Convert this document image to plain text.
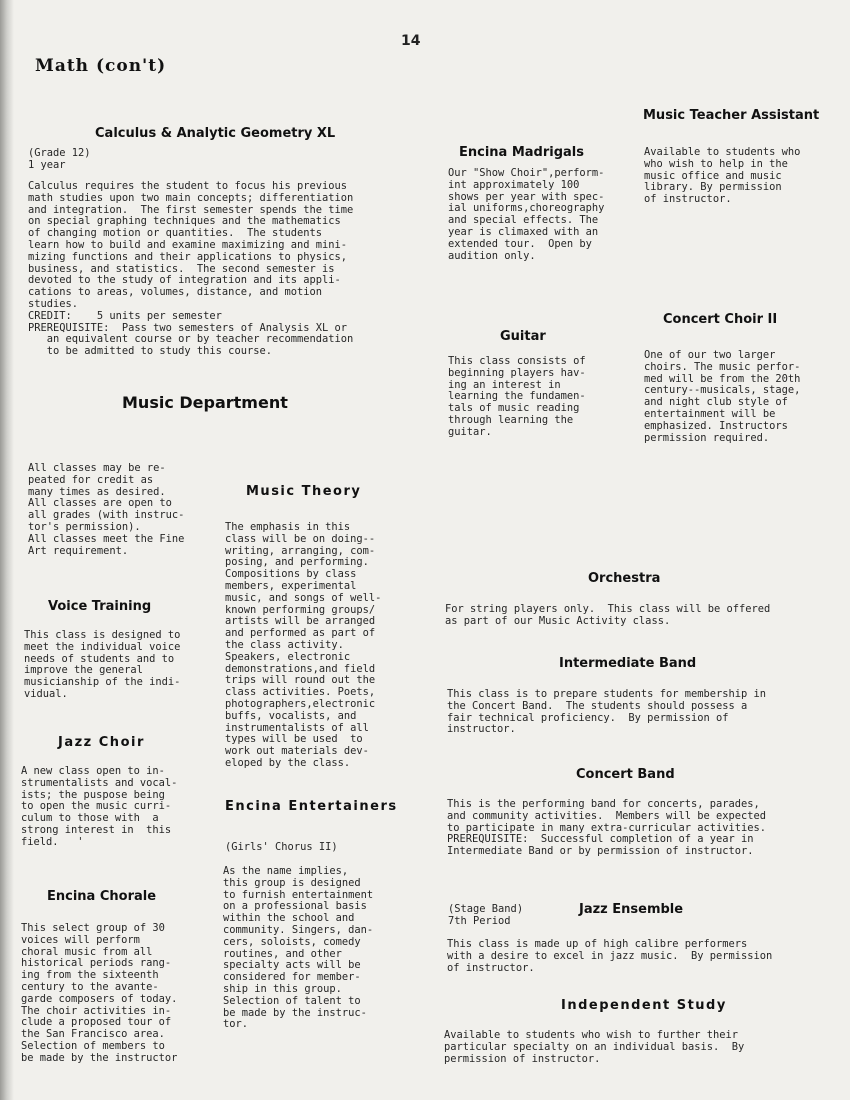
14
Math (con't)
Calculus & Analytic Geometry XL
(Grade 12)
1 year
Calculus requires the student to focus his previous
math studies upon two main concepts; differentiation
and integration.  The first semester spends the time
on special graphing techniques and the mathematics
of changing motion or quantities.  The students
learn how to build and examine maximizing and mini-
mizing functions and their applications to physics,
business, and statistics.  The second semester is
devoted to the study of integration and its appli-
cations to areas, volumes, distance, and motion
studies.
CREDIT:    5 units per semester
PREREQUISITE:  Pass two semesters of Analysis XL or
an equivalent course or by teacher recommendation
to be admitted to study this course.
Music Department
All classes may be re-
peated for credit as
many times as desired.
All classes are open to
all grades (with instruc-
tor's permission).
All classes meet the Fine
Art requirement.
Voice Training
This class is designed to
meet the individual voice
needs of students and to
improve the general
musicianship of the indi-
vidual.
Jazz Choir
A new class open to in-
strumentalists and vocal-
ists; the puspose being
to open the music curri-
culum to those with  a
strong interest in  this
field.   '
Encina Chorale
This select group of 30
voices will perform
choral music from all
historical periods rang-
ing from the sixteenth
century to the avante-
garde composers of today.
The choir activities in-
clude a proposed tour of
the San Francisco area.
Selection of members to
be made by the instructor
Music Theory
The emphasis in this
class will be on doing--
writing, arranging, com-
posing, and performing.
Compositions by class
members, experimental
music, and songs of well-
known performing groups/
artists will be arranged
and performed as part of
the class activity.
Speakers, electronic
demonstrations,and field
trips will round out the
class activities. Poets,
photographers,electronic
buffs, vocalists, and
instrumentalists of all
types will be used  to
work out materials dev-
eloped by the class.
Encina Entertainers
(Girls' Chorus II)
As the name implies,
this group is designed
to furnish entertainment
on a professional basis
within the school and
community. Singers, dan-
cers, soloists, comedy
routines, and other
specialty acts will be
considered for member-
ship in this group.
Selection of talent to
be made by the instruc-
tor.
Encina Madrigals
Our "Show Choir",perform-
int approximately 100
shows per year with spec-
ial uniforms,choreography
and special effects. The
year is climaxed with an
extended tour.  Open by
audition only.
Music Teacher Assistant
Available to students who
who wish to help in the
music office and music
library. By permission
of instructor.
Guitar
This class consists of
beginning players hav-
ing an interest in
learning the fundamen-
tals of music reading
through learning the
guitar.
Concert Choir II
One of our two larger
choirs. The music perfor-
med will be from the 20th
century--musicals, stage,
and night club style of
entertainment will be
emphasized. Instructors
permission required.
Orchestra
For string players only.  This class will be offered
as part of our Music Activity class.
Intermediate Band
This class is to prepare students for membership in
the Concert Band.  The students should possess a
fair technical proficiency.  By permission of
instructor.
Concert Band
This is the performing band for concerts, parades,
and community activities.  Members will be expected
to participate in many extra-curricular activities.
PREREQUISITE:  Successful completion of a year in
Intermediate Band or by permission of instructor.
Jazz Ensemble
(Stage Band)
7th Period
This class is made up of high calibre performers
with a desire to excel in jazz music.  By permission
of instructor.
Independent Study
Available to students who wish to further their
particular specialty on an individual basis.  By
permission of instructor.
